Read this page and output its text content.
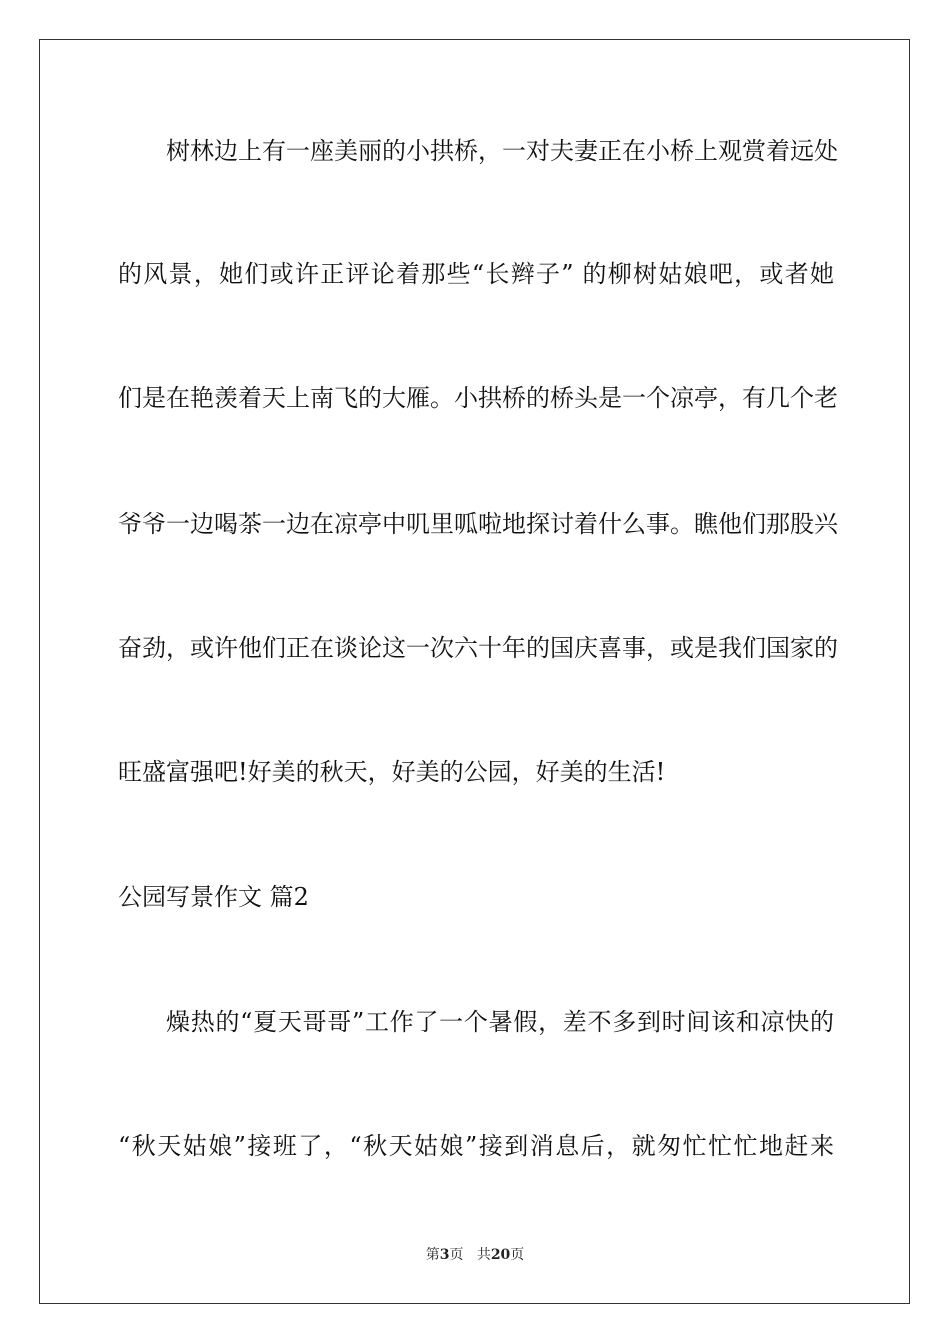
树林边上有一座美丽的小拱桥，一对夫妻正在小桥上观赏着远处
的风景，她们或许正评论着那些“长辫子” 的柳树姑娘吧，或者她
们是在艳羡着天上南飞的大雁。小拱桥的桥头是一个凉亭，有几个老
爷爷一边喝茶一边在凉亭中叽里呱啦地探讨着什么事。瞧他们那股兴
奋劲，或许他们正在谈论这一次六十年的国庆喜事，或是我们国家的
旺盛富强吧!好美的秋天，好美的公园，好美的生活!
公园写景作文 篇2
燥热的“夏天哥哥”工作了一个暑假，差不多到时间该和凉快的
“秋天姑娘”接班了，“秋天姑娘”接到消息后，就匆忙忙忙地赶来
第3页 共20页
